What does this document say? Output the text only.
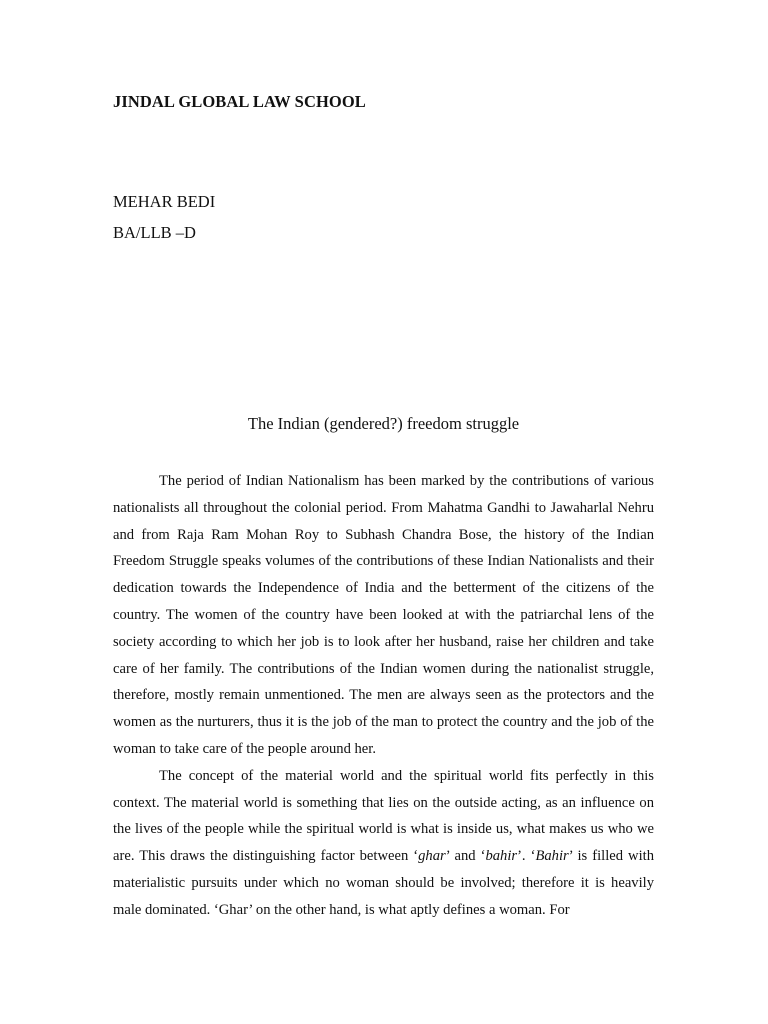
JINDAL GLOBAL LAW SCHOOL
MEHAR BEDI
BA/LLB –D
The Indian (gendered?) freedom struggle

The period of Indian Nationalism has been marked by the contributions of various nationalists all throughout the colonial period. From Mahatma Gandhi to Jawaharlal Nehru and from Raja Ram Mohan Roy to Subhash Chandra Bose, the history of the Indian Freedom Struggle speaks volumes of the contributions of these Indian Nationalists and their dedication towards the Independence of India and the betterment of the citizens of the country. The women of the country have been looked at with the patriarchal lens of the society according to which her job is to look after her husband, raise her children and take care of her family. The contributions of the Indian women during the nationalist struggle, therefore, mostly remain unmentioned. The men are always seen as the protectors and the women as the nurturers, thus it is the job of the man to protect the country and the job of the woman to take care of the people around her.

The concept of the material world and the spiritual world fits perfectly in this context. The material world is something that lies on the outside acting, as an influence on the lives of the people while the spiritual world is what is inside us, what makes us who we are. This draws the distinguishing factor between ‘ghar’ and ‘bahir’. ‘Bahir’ is filled with materialistic pursuits under which no woman should be involved; therefore it is heavily male dominated. ‘Ghar’ on the other hand, is what aptly defines a woman. For
